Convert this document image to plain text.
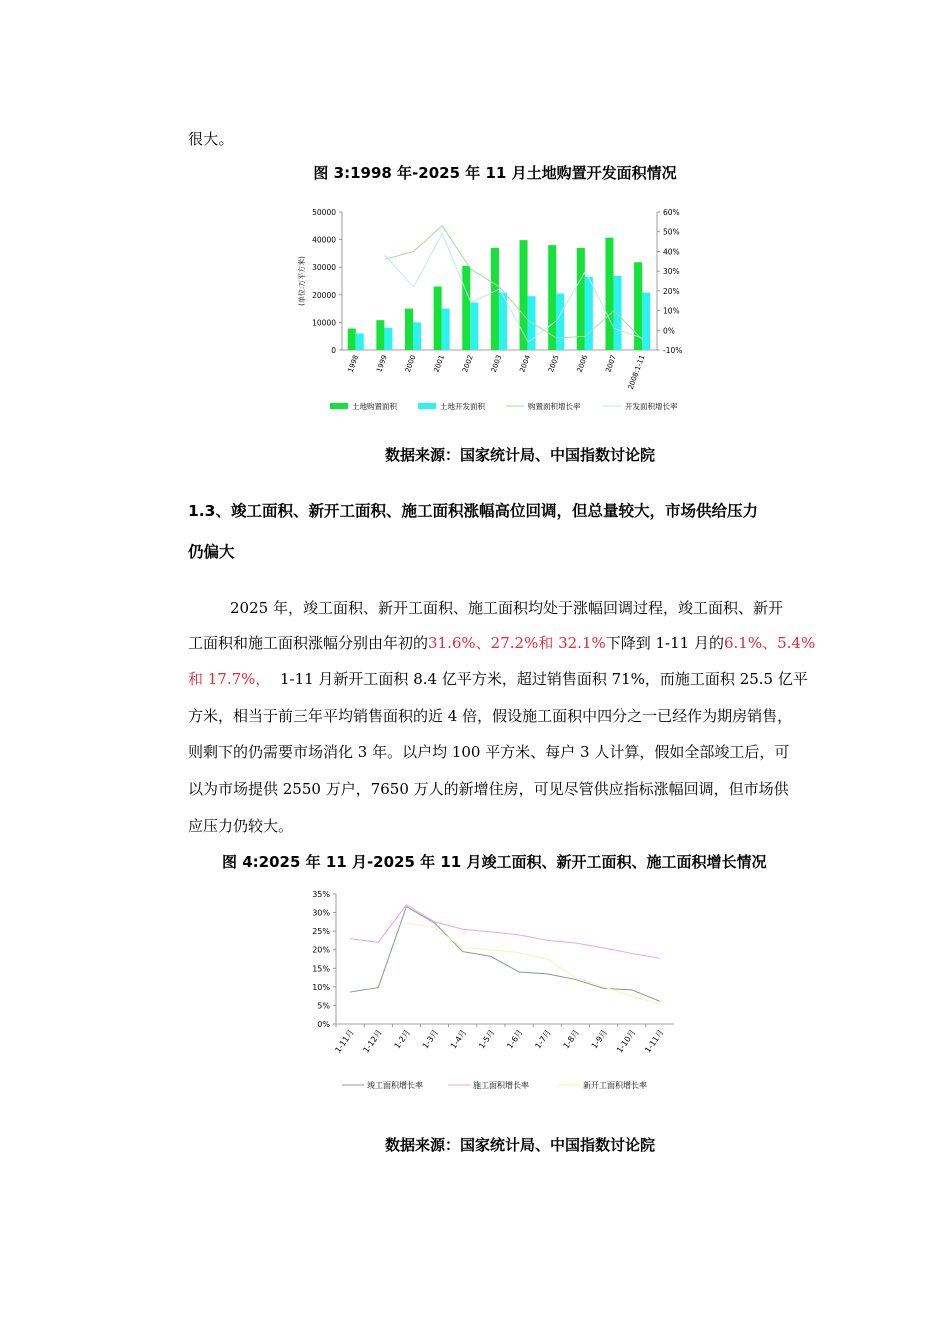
很大。
图 3:1998 年-2025 年 11 月土地购置开发面积情况
50000
40000
30000
20000
10000
0
60%
50%
40%
30%
20%
10%
0%
-10%
(单位:万平方米)
1998 1999 2000 2001 2002 2003 2004 2005 2006 2007 2008:1-11
土地购置面积	土地开发面积	购置面积增长率	开发面积增长率
数据来源：国家统计局、中国指数讨论院
1.3、竣工面积、新开工面积、施工面积涨幅高位回调，但总量较大，市场供给压力
仍偏大
2025 年，竣工面积、新开工面积、施工面积均处于涨幅回调过程，竣工面积、新开
工面积和施工面积涨幅分别由年初的31.6%、27.2%和 32.1%下降到 1-11 月的6.1%、5.4%
和 17.7%，  1-11 月新开工面积 8.4 亿平方米，超过销售面积 71%，而施工面积 25.5 亿平
方米，相当于前三年平均销售面积的近 4 倍，假设施工面积中四分之一已经作为期房销售，
则剩下的仍需要市场消化 3 年。以户均 100 平方米、每户 3 人计算，假如全部竣工后，可
以为市场提供 2550 万户，7650 万人的新增住房，可见尽管供应指标涨幅回调，但市场供
应压力仍较大。
图 4:2025 年 11 月-2025 年 11 月竣工面积、新开工面积、施工面积增长情况
35%
30%
25%
20%
15%
10%
5%
0%
1-11月 1-12月 1-2月 1-3月 1-4月 1-5月 1-6月 1-7月 1-8月 1-9月 1-10月 1-11月
竣工面积增长率	施工面积增长率	新开工面积增长率
数据来源：国家统计局、中国指数讨论院
